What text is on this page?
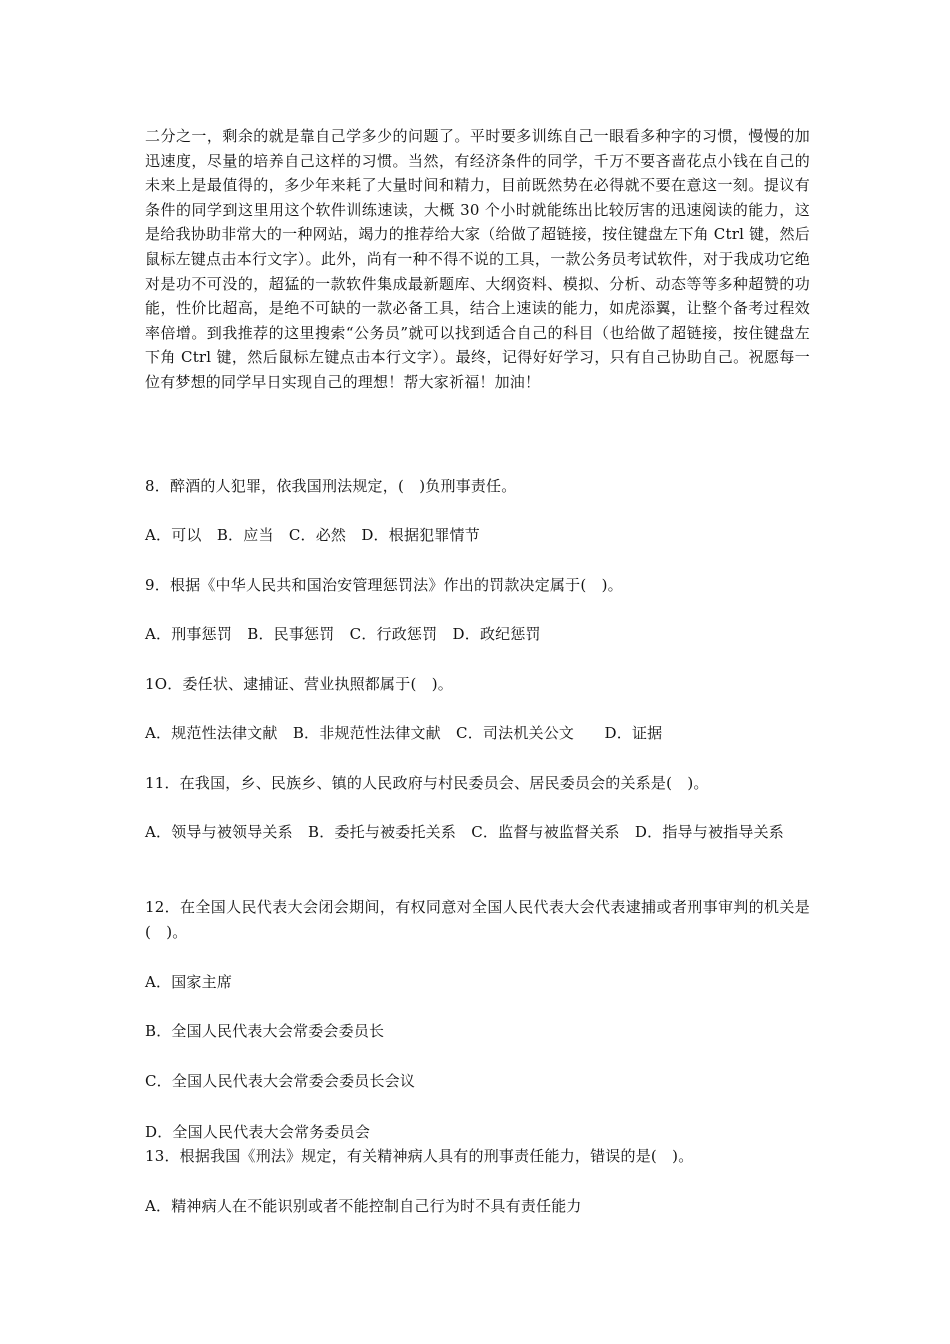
二分之一，剩余的就是靠自己学多少的问题了。平时要多训练自己一眼看多种字的习惯，慢慢的加迅速度，尽量的培养自己这样的习惯。当然，有经济条件的同学，千万不要吝啬花点小钱在自己的未来上是最值得的，多少年来耗了大量时间和精力，目前既然势在必得就不要在意这一刻。提议有条件的同学到这里用这个软件训练速读，大概 30 个小时就能练出比较厉害的迅速阅读的能力，这是给我协助非常大的一种网站，竭力的推荐给大家（给做了超链接，按住键盘左下角 Ctrl 键，然后鼠标左键点击本行文字）。此外，尚有一种不得不说的工具，一款公务员考试软件，对于我成功它绝对是功不可没的，超猛的一款软件集成最新题库、大纲资料、模拟、分析、动态等等多种超赞的功能，性价比超高，是绝不可缺的一款必备工具，结合上速读的能力，如虎添翼，让整个备考过程效率倍增。到我推荐的这里搜索“公务员”就可以找到适合自己的科目（也给做了超链接，按住键盘左下角 Ctrl 键，然后鼠标左键点击本行文字）。最终，记得好好学习，只有自己协助自己。祝愿每一位有梦想的同学早日实现自己的理想！帮大家祈福！加油！

8．醉酒的人犯罪，依我国刑法规定，(　)负刑事责任。
A．可以　B．应当　C．必然　D．根据犯罪情节
9．根据《中华人民共和国治安管理惩罚法》作出的罚款决定属于(　)。
A．刑事惩罚　B．民事惩罚　C．行政惩罚　D．政纪惩罚
1O．委任状、逮捕证、营业执照都属于(　)。
A．规范性法律文献　B．非规范性法律文献　C．司法机关公文　　D．证据
11．在我国，乡、民族乡、镇的人民政府与村民委员会、居民委员会的关系是(　)。
A．领导与被领导关系　B．委托与被委托关系　C．监督与被监督关系　D．指导与被指导关系
12．在全国人民代表大会闭会期间，有权同意对全国人民代表大会代表逮捕或者刑事审判的机关是(　)。
A．国家主席
B．全国人民代表大会常委会委员长
C．全国人民代表大会常委会委员长会议
D．全国人民代表大会常务委员会
13．根据我国《刑法》规定，有关精神病人具有的刑事责任能力，错误的是(　)。
A．精神病人在不能识别或者不能控制自己行为时不具有责任能力
